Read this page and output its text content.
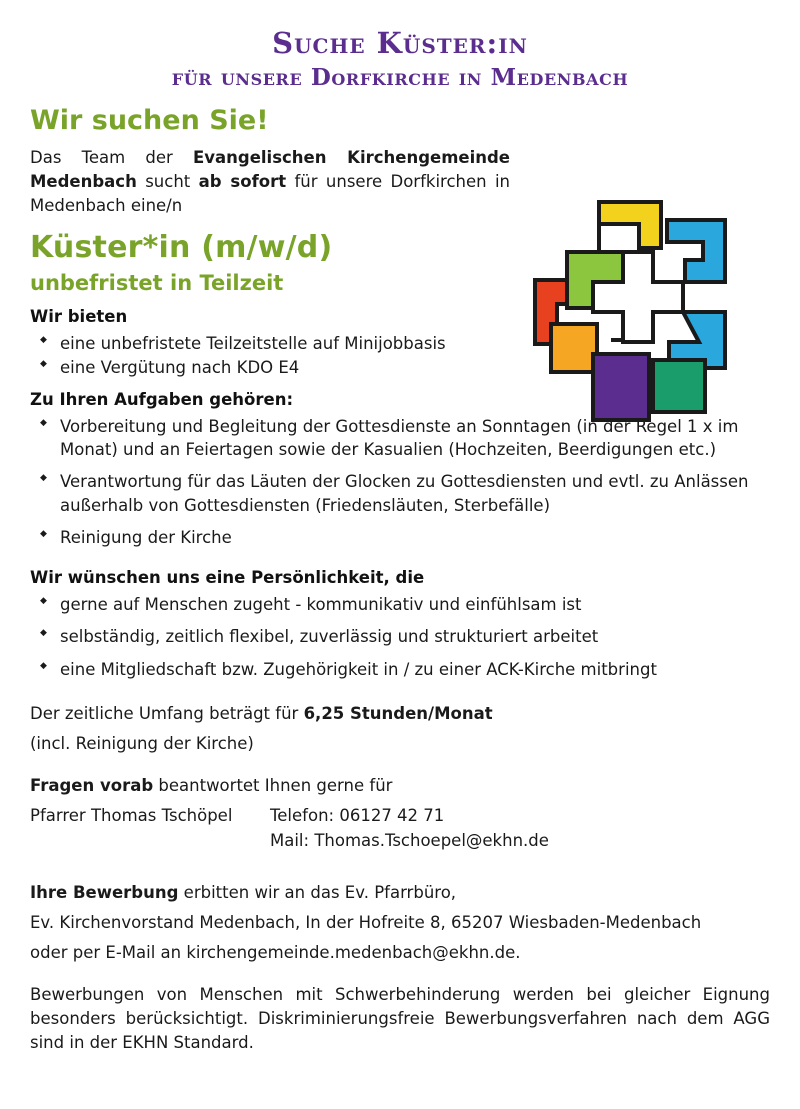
Suche Küster:in
für unsere Dorfkirche in Medenbach
Wir suchen Sie!

Das Team der Evangelischen Kirchengemeinde Medenbach sucht ab sofort für unsere Dorfkirchen in Medenbach eine/n

Küster*in (m/w/d)
unbefristet in Teilzeit
Wir bieten
◆ eine unbefristete Teilzeitstelle auf Minijobbasis
◆ eine Vergütung nach KDO E4
Zu Ihren Aufgaben gehören:
◆ Vorbereitung und Begleitung der Gottesdienste an Sonntagen (in der Regel 1 x im Monat) und an Feiertagen sowie der Kasualien (Hochzeiten, Beerdigungen etc.)
◆ Verantwortung für das Läuten der Glocken zu Gottesdiensten und evtl. zu Anlässen außerhalb von Gottesdiensten (Friedensläuten, Sterbefälle)
◆ Reinigung der Kirche
Wir wünschen uns eine Persönlichkeit, die
◆ gerne auf Menschen zugeht - kommunikativ und einfühlsam ist
◆ selbständig, zeitlich flexibel, zuverlässig und strukturiert arbeitet
◆ eine Mitgliedschaft bzw. Zugehörigkeit in / zu einer ACK-Kirche mitbringt

Der zeitliche Umfang beträgt für 6,25 Stunden/Monat

(incl. Reinigung der Kirche)

Fragen vorab beantwortet Ihnen gerne für

Pfarrer Thomas Tschöpel	Telefon: 06127 42 71
Mail: Thomas.Tschoepel@ekhn.de

Ihre Bewerbung erbitten wir an das Ev. Pfarrbüro,

Ev. Kirchenvorstand Medenbach, In der Hofreite 8, 65207 Wiesbaden-Medenbach

oder per E-Mail an kirchengemeinde.medenbach@ekhn.de.

Bewerbungen von Menschen mit Schwerbehinderung werden bei gleicher Eignung besonders berücksichtigt. Diskriminierungsfreie Bewerbungsverfahren nach dem AGG sind in der EKHN Standard.
